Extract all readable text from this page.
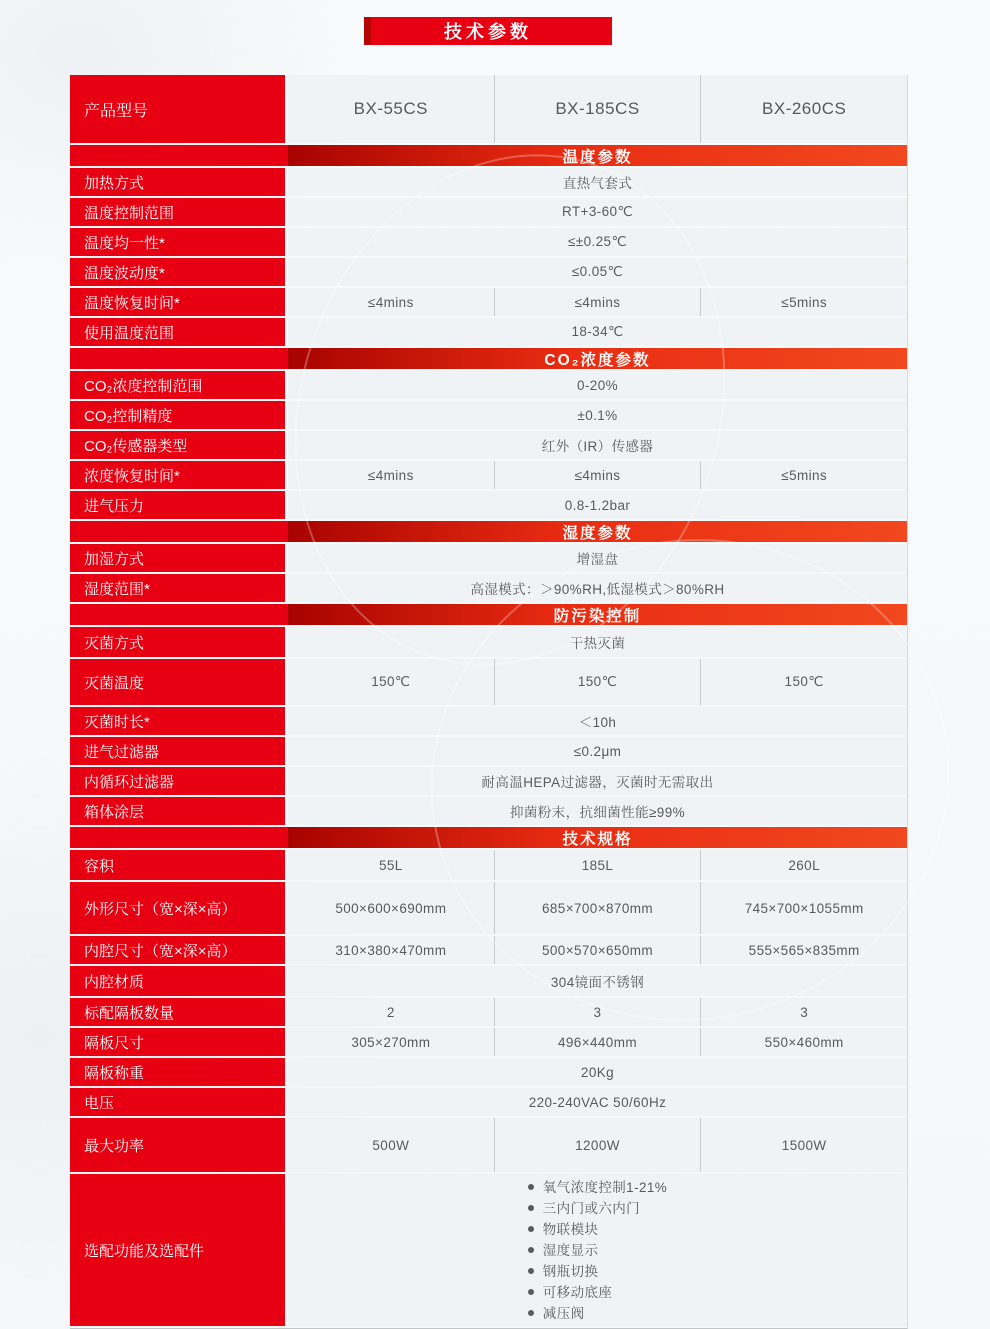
技术参数
产品型号	BX-55CS	BX-185CS	BX-260CS
温度参数
加热方式	直热气套式
温度控制范围	RT+3-60℃
温度均一性*	≤±0.25℃
温度波动度*	≤0.05℃
温度恢复时间*	≤4mins	≤4mins	≤5mins
使用温度范围	18-34℃
CO₂浓度参数
CO₂浓度控制范围	0-20%
CO₂控制精度	±0.1%
CO₂传感器类型	红外（IR）传感器
浓度恢复时间*	≤4mins	≤4mins	≤5mins
进气压力	0.8-1.2bar
湿度参数
加湿方式	增湿盘
湿度范围*	高湿模式：＞90%RH,低湿模式＞80%RH
防污染控制
灭菌方式	干热灭菌
灭菌温度	150℃	150℃	150℃
灭菌时长*	＜10h
进气过滤器	≤0.2μm
内循环过滤器	耐高温HEPA过滤器，灭菌时无需取出
箱体涂层	抑菌粉末，抗细菌性能≥99%
技术规格
容积	55L	185L	260L
外形尺寸（宽×深×高）	500×600×690mm	685×700×870mm	745×700×1055mm
内腔尺寸（宽×深×高）	310×380×470mm	500×570×650mm	555×565×835mm
内腔材质	304镜面不锈钢
标配隔板数量	2	3	3
隔板尺寸	305×270mm	496×440mm	550×460mm
隔板称重	20Kg
电压	220-240VAC 50/60Hz
最大功率	500W	1200W	1500W
选配功能及选配件
氧气浓度控制1-21%
三内门或六内门
物联模块
湿度显示
钢瓶切换
可移动底座
减压阀
